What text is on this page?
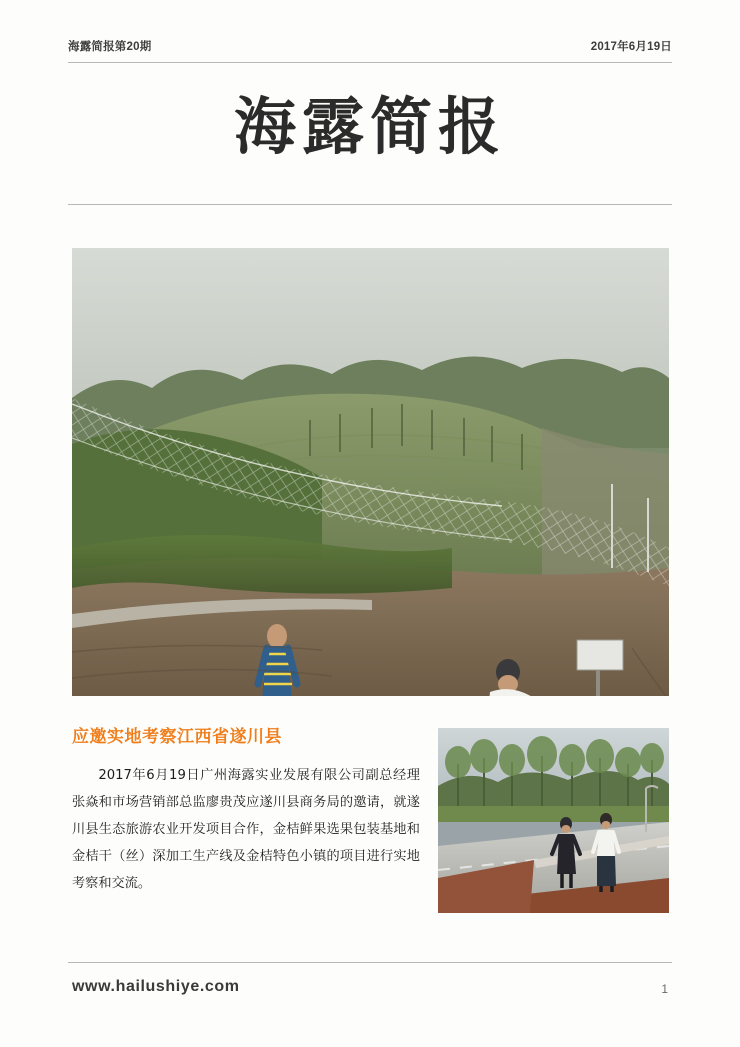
海露简报第20期	2017年6月19日
海露简报
应邀实地考察江西省遂川县
2017年6月19日广州海露实业发展有限公司副总经理张焱和市场营销部总监廖贵茂应遂川县商务局的邀请，就遂川县生态旅游农业开发项目合作，金桔鲜果选果包装基地和金桔干（丝）深加工生产线及金桔特色小镇的项目进行实地考察和交流。
www.hailushiye.com	1
